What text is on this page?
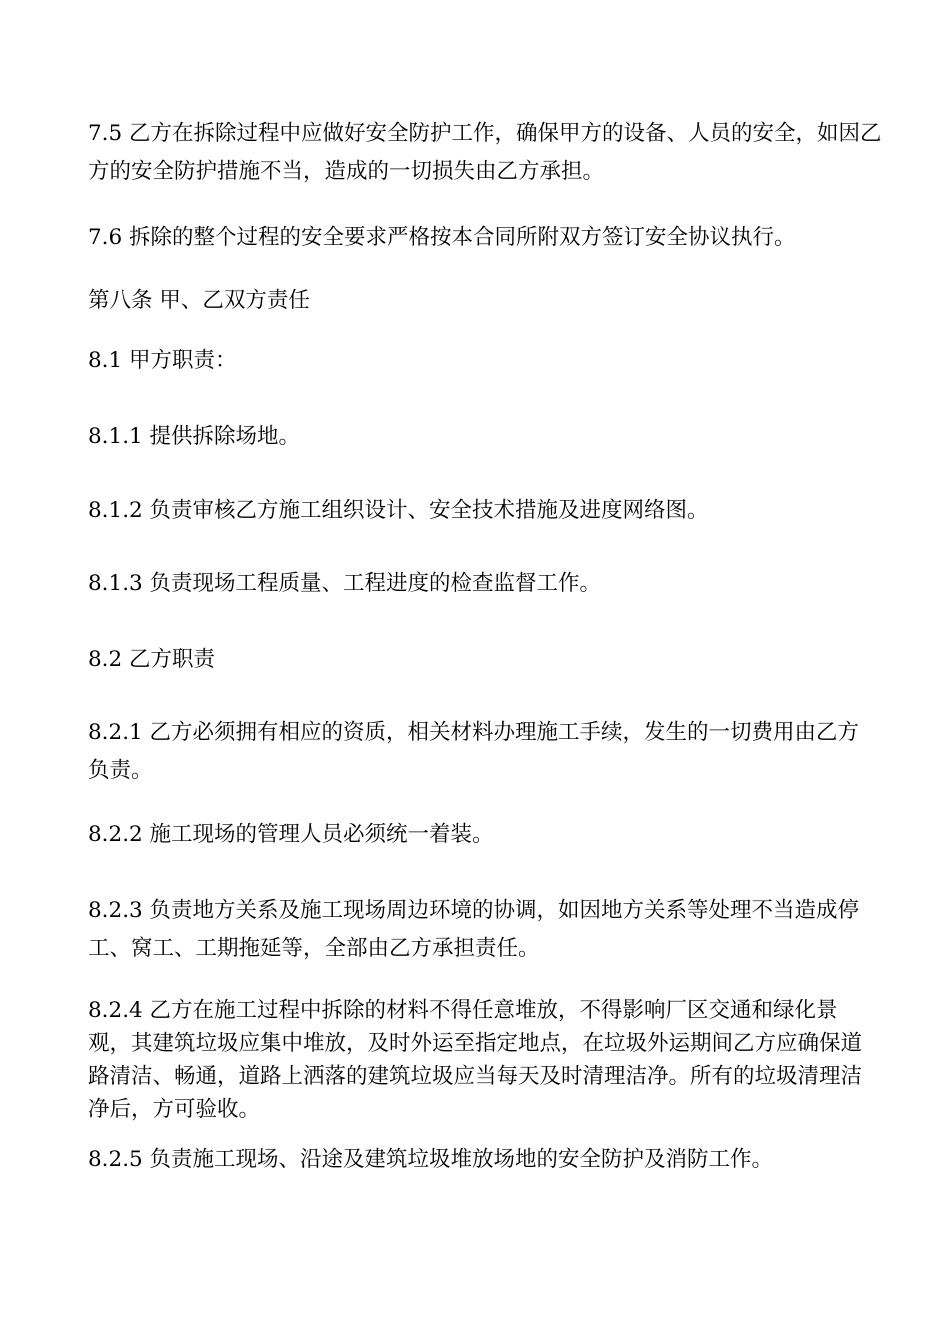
7.5 乙方在拆除过程中应做好安全防护工作，确保甲方的设备、人员的安全，如因乙方的安全防护措施不当，造成的一切损失由乙方承担。

7.6 拆除的整个过程的安全要求严格按本合同所附双方签订安全协议执行。

第八条 甲、乙双方责任

8.1 甲方职责：

8.1.1 提供拆除场地。

8.1.2 负责审核乙方施工组织设计、安全技术措施及进度网络图。

8.1.3 负责现场工程质量、工程进度的检查监督工作。

8.2 乙方职责

8.2.1 乙方必须拥有相应的资质，相关材料办理施工手续，发生的一切费用由乙方负责。

8.2.2 施工现场的管理人员必须统一着装。

8.2.3 负责地方关系及施工现场周边环境的协调，如因地方关系等处理不当造成停工、窝工、工期拖延等，全部由乙方承担责任。

8.2.4 乙方在施工过程中拆除的材料不得任意堆放，不得影响厂区交通和绿化景观，其建筑垃圾应集中堆放，及时外运至指定地点，在垃圾外运期间乙方应确保道路清洁、畅通，道路上洒落的建筑垃圾应当每天及时清理洁净。所有的垃圾清理洁净后，方可验收。

8.2.5 负责施工现场、沿途及建筑垃圾堆放场地的安全防护及消防工作。
